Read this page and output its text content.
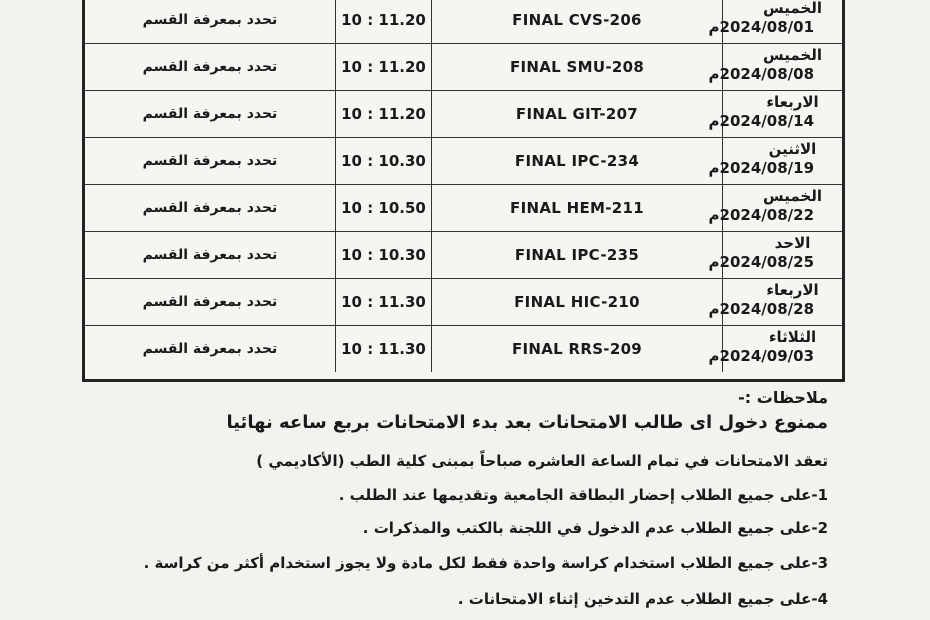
تحدد بمعرفة القسم	10 : 11.20	FINAL CVS-206	الخميس
2024/08/01م

تحدد بمعرفة القسم	10 : 11.20	FINAL SMU-208	الخميس
2024/08/08م

تحدد بمعرفة القسم	10 : 11.20	FINAL GIT-207	الاربعاء
2024/08/14م

تحدد بمعرفة القسم	10 : 10.30	FINAL IPC-234	الاثنين
2024/08/19م

تحدد بمعرفة القسم	10 : 10.50	FINAL HEM-211	الخميس
2024/08/22م

تحدد بمعرفة القسم	10 : 10.30	FINAL IPC-235	الاحد
2024/08/25م

تحدد بمعرفة القسم	10 : 11.30	FINAL HIC-210	الاربعاء
2024/08/28م

تحدد بمعرفة القسم	10 : 11.30	FINAL RRS-209	الثلاثاء
2024/09/03م
ملاحظات :-
ممنوع دخول اى طالب الامتحانات بعد بدء الامتحانات بربع ساعه نهائيا
تعقد الامتحانات في تمام الساعة العاشره صباحاً بمبنى كلية الطب (الأكاديمي )
1-على جميع الطلاب إحضار البطاقة الجامعية وتقديمها عند الطلب .
2-على جميع الطلاب عدم الدخول في اللجنة بالكتب والمذكرات .
3-على جميع الطلاب استخدام كراسة واحدة فقط لكل مادة ولا يجوز استخدام أكثر من كراسة .
4-على جميع الطلاب عدم التدخين إثناء الامتحانات .
